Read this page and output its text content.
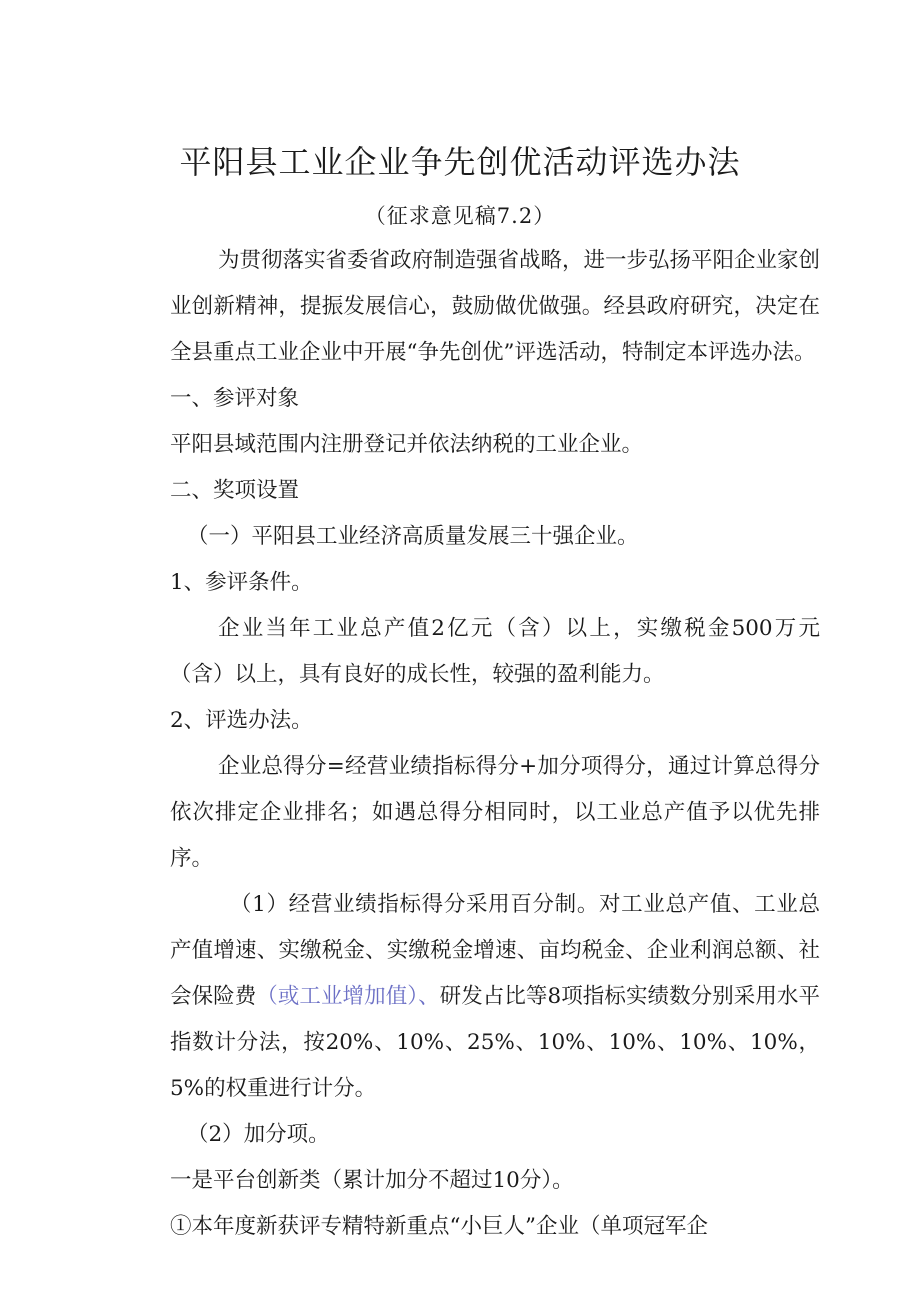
平阳县工业企业争先创优活动评选办法
（征求意见稿7.2）

为贯彻落实省委省政府制造强省战略，进一步弘扬平阳企业家创业创新精神，提振发展信心，鼓励做优做强。经县政府研究，决定在全县重点工业企业中开展“争先创优”评选活动，特制定本评选办法。

一、参评对象

平阳县域范围内注册登记并依法纳税的工业企业。

二、奖项设置

（一）平阳县工业经济高质量发展三十强企业。

1、参评条件。

企业当年工业总产值2亿元（含）以上，实缴税金500万元（含）以上，具有良好的成长性，较强的盈利能力。

2、评选办法。

企业总得分=经营业绩指标得分+加分项得分，通过计算总得分依次排定企业排名；如遇总得分相同时，以工业总产值予以优先排序。

（1）经营业绩指标得分采用百分制。对工业总产值、工业总产值增速、实缴税金、实缴税金增速、亩均税金、企业利润总额、社会保险费（或工业增加值）、研发占比等8项指标实绩数分别采用水平指数计分法，按20%、10%、25%、10%、10%、10%、10%，5%的权重进行计分。

（2）加分项。

一是平台创新类（累计加分不超过10分）。

①本年度新获评专精特新重点“小巨人”企业（单项冠军企
